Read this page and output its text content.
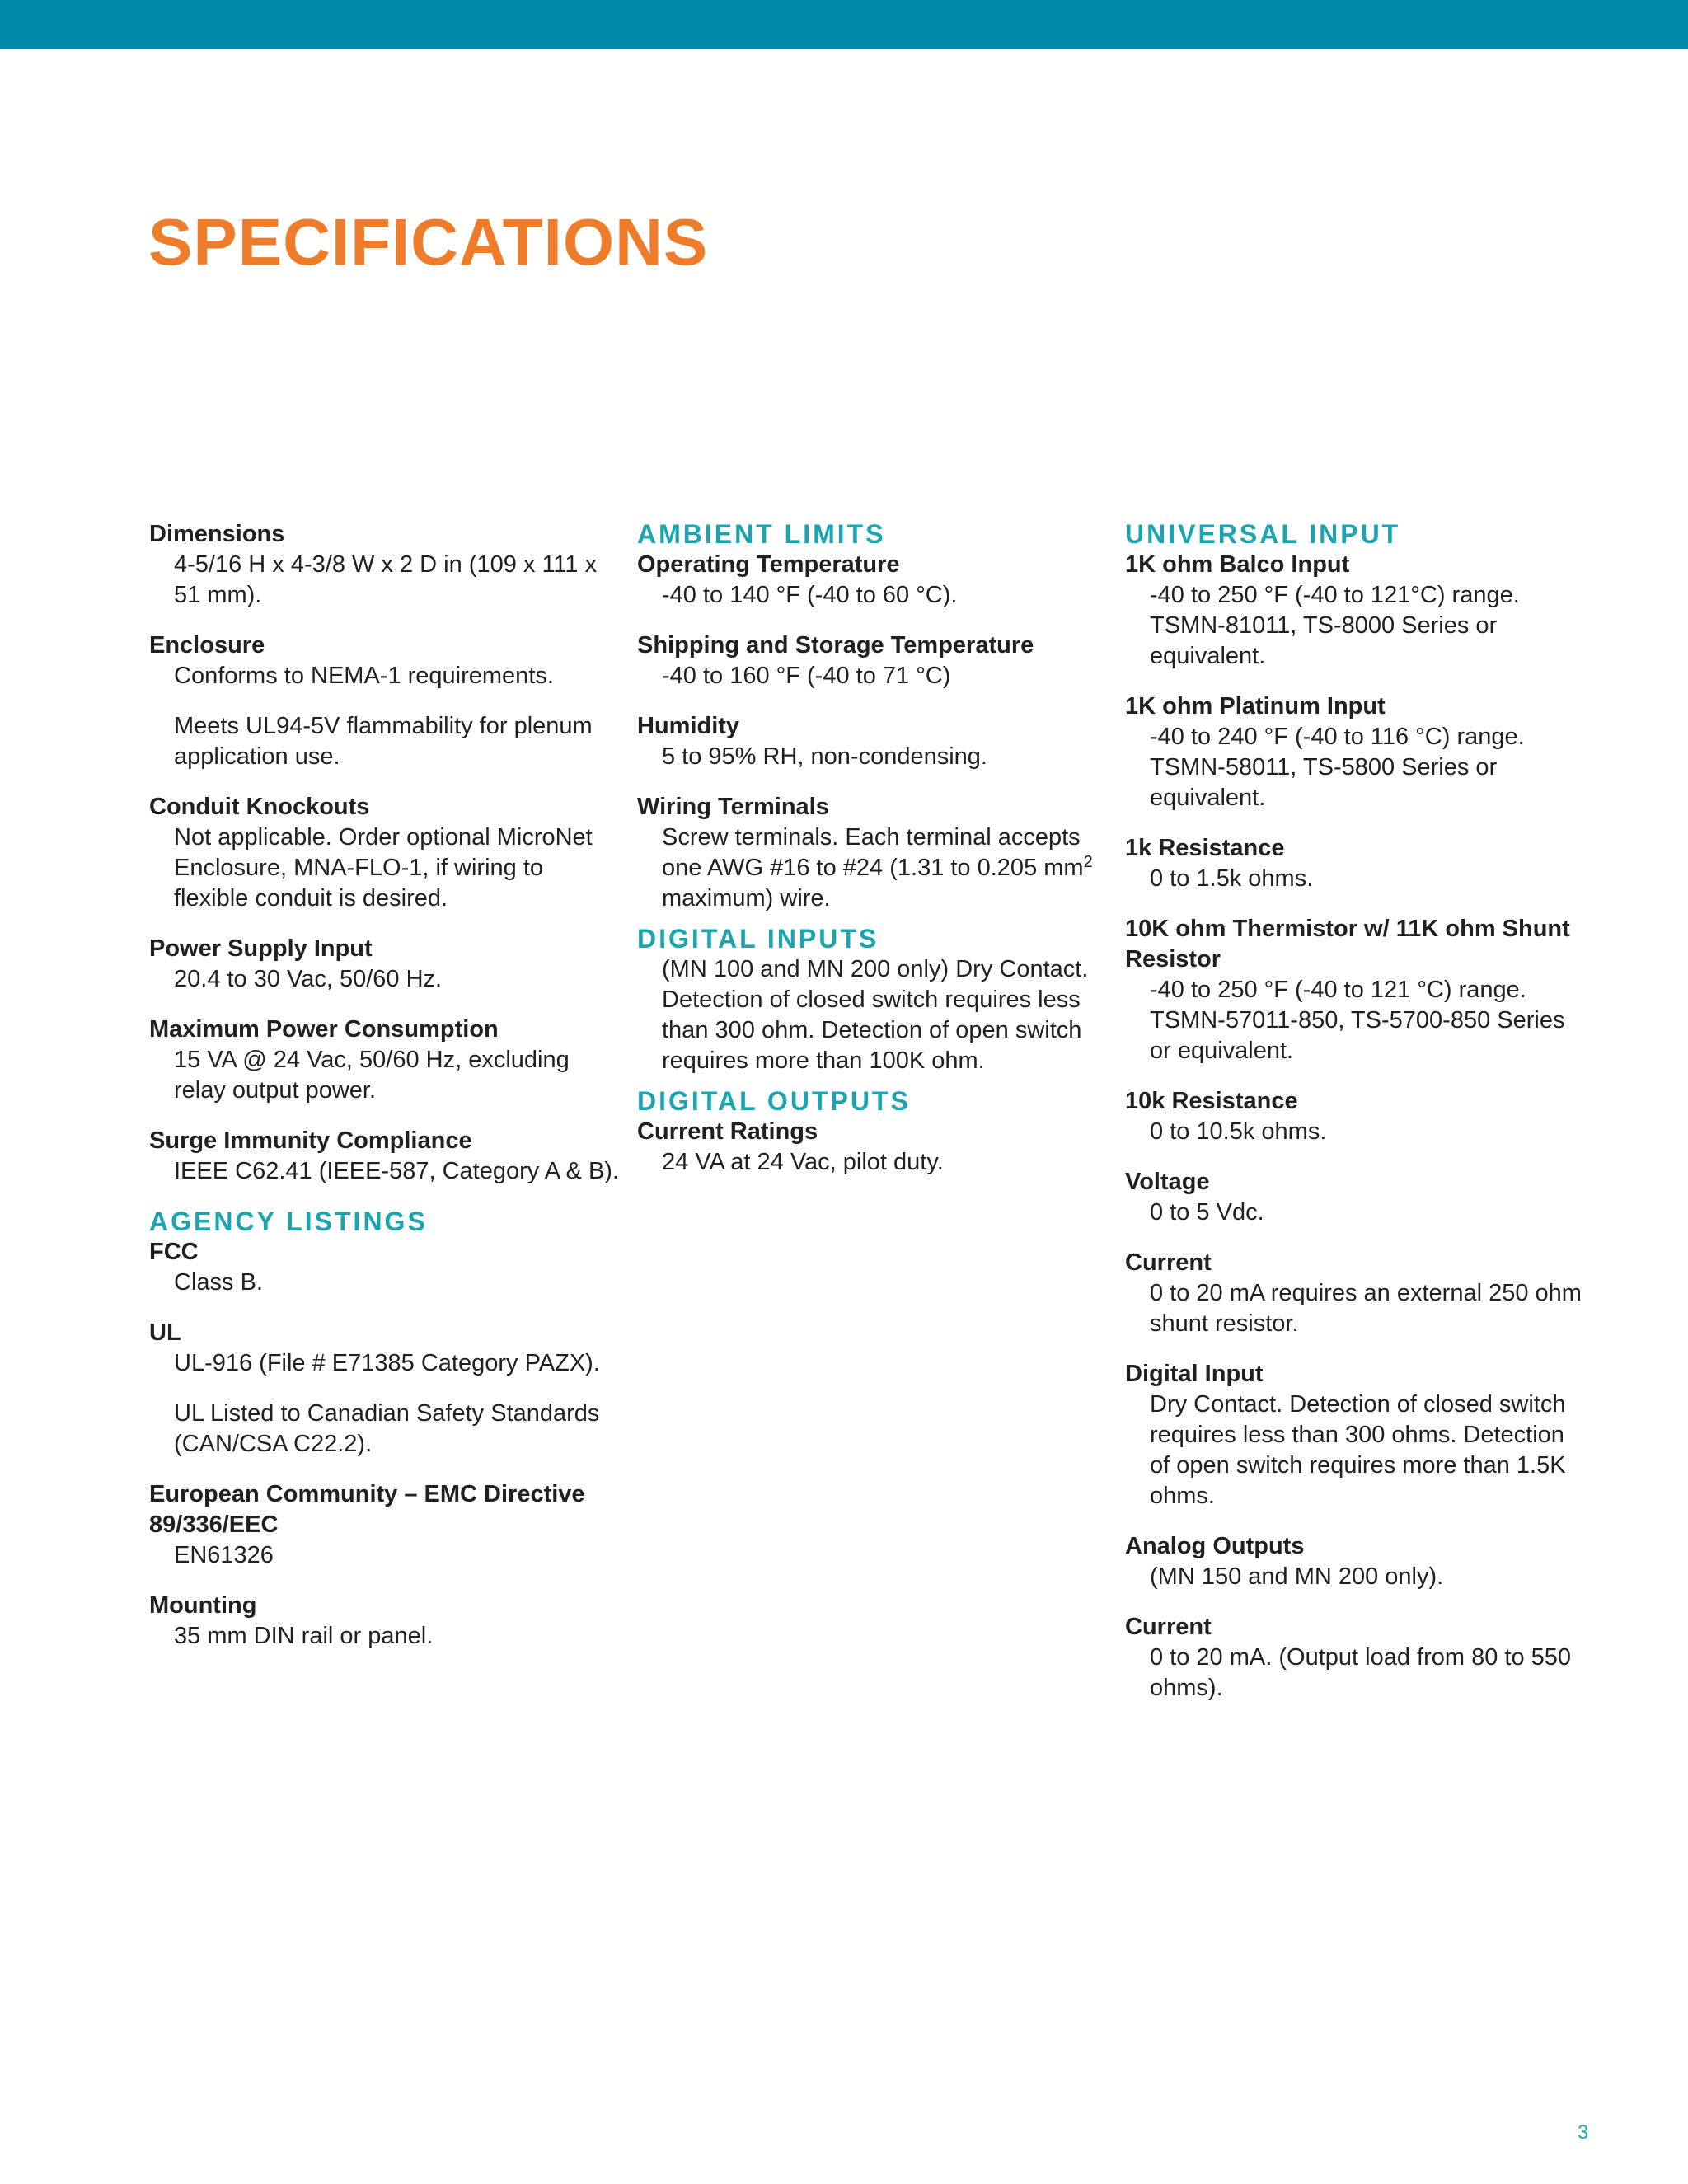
SPECIFICATIONS

Dimensions

4-5/16 H x 4-3/8 W x 2 D in (109 x 111 x 51 mm).

Enclosure

Conforms to NEMA-1 requirements.

Meets UL94-5V flammability for plenum application use.

Conduit Knockouts

Not applicable. Order optional MicroNet Enclosure, MNA-FLO-1, if wiring to flexible conduit is desired.

Power Supply Input

20.4 to 30 Vac, 50/60 Hz.

Maximum Power Consumption

15 VA @ 24 Vac, 50/60 Hz, excluding relay output power.

Surge Immunity Compliance

IEEE C62.41 (IEEE-587, Category A & B).

AGENCY LISTINGS

FCC

Class B.

UL

UL-916 (File # E71385 Category PAZX).

UL Listed to Canadian Safety Standards (CAN/CSA C22.2).

European Community – EMC Directive 89/336/EEC

EN61326

Mounting

35 mm DIN rail or panel.

AMBIENT LIMITS

Operating Temperature

-40 to 140 °F (-40 to 60 °C).

Shipping and Storage Temperature

-40 to 160 °F (-40 to 71 °C)

Humidity

5 to 95% RH, non-condensing.

Wiring Terminals

Screw terminals. Each terminal accepts one AWG #16 to #24 (1.31 to 0.205 $mm^2$ maximum) wire.

DIGITAL INPUTS

(MN 100 and MN 200 only) Dry Contact. Detection of closed switch requires less than 300 ohm. Detection of open switch requires more than 100K ohm.

DIGITAL OUTPUTS

Current Ratings

24 VA at 24 Vac, pilot duty.

UNIVERSAL INPUT

1K ohm Balco Input

-40 to 250 °F (-40 to 121°C) range. TSMN-81011, TS-8000 Series or equivalent.

1K ohm Platinum Input

-40 to 240 °F (-40 to 116 °C) range. TSMN-58011, TS-5800 Series or equivalent.

1k Resistance

0 to 1.5k ohms.

10K ohm Thermistor w/ 11K ohm Shunt Resistor

-40 to 250 °F (-40 to 121 °C) range. TSMN-57011-850, TS-5700-850 Series or equivalent.

10k Resistance

0 to 10.5k ohms.

Voltage

0 to 5 Vdc.

Current

0 to 20 mA requires an external 250 ohm shunt resistor.

Digital Input

Dry Contact. Detection of closed switch requires less than 300 ohms. Detection of open switch requires more than 1.5K ohms.

Analog Outputs

(MN 150 and MN 200 only).

Current

0 to 20 mA. (Output load from 80 to 550 ohms).

3
